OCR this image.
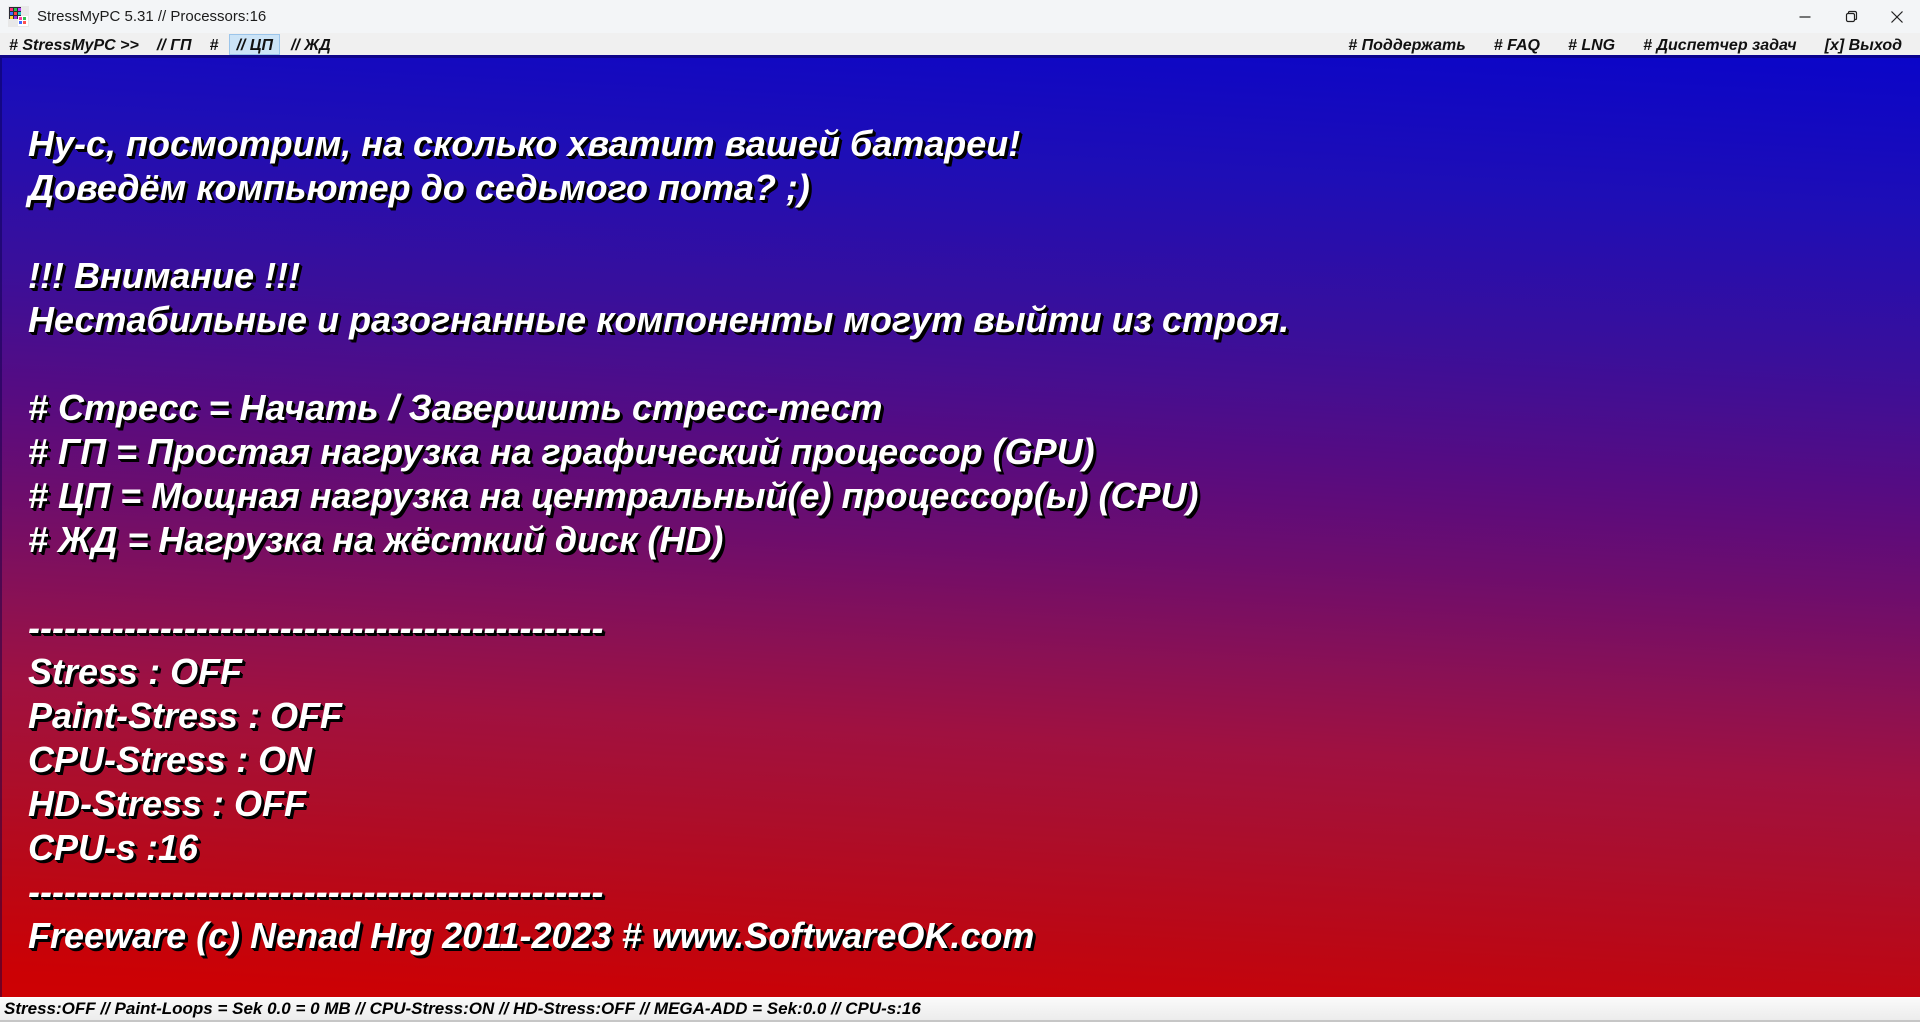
StressMyPC 5.31 // Processors:16
# StressMyPC >>	// ГП	#	// ЦП	// ЖД	# Поддержать	# FAQ	# LNG	# Диспетчер задач	[x] Выход
Ну-с, посмотрим, на сколько хватит вашей батареи!
Доведём компьютер до седьмого пота? ;)
!!! Внимание !!!
Нестабильные и разогнанные компоненты могут выйти из строя.
# Стресс = Начать / Завершить стресс-тест
# ГП = Простая нагрузка на графический процессор (GPU)
# ЦП = Мощная нагрузка на центральный(е) процессор(ы) (CPU)
# ЖД = Нагрузка на жёсткий диск (HD)
------------------------------------------------
Stress : OFF
Paint-Stress : OFF
CPU-Stress : ON
HD-Stress : OFF
CPU-s :16
------------------------------------------------
Freeware (c) Nenad Hrg 2011-2023 # www.SoftwareOK.com
Stress:OFF // Paint-Loops = Sek 0.0 = 0 MB // CPU-Stress:ON // HD-Stress:OFF // MEGA-ADD = Sek:0.0 // CPU-s:16
